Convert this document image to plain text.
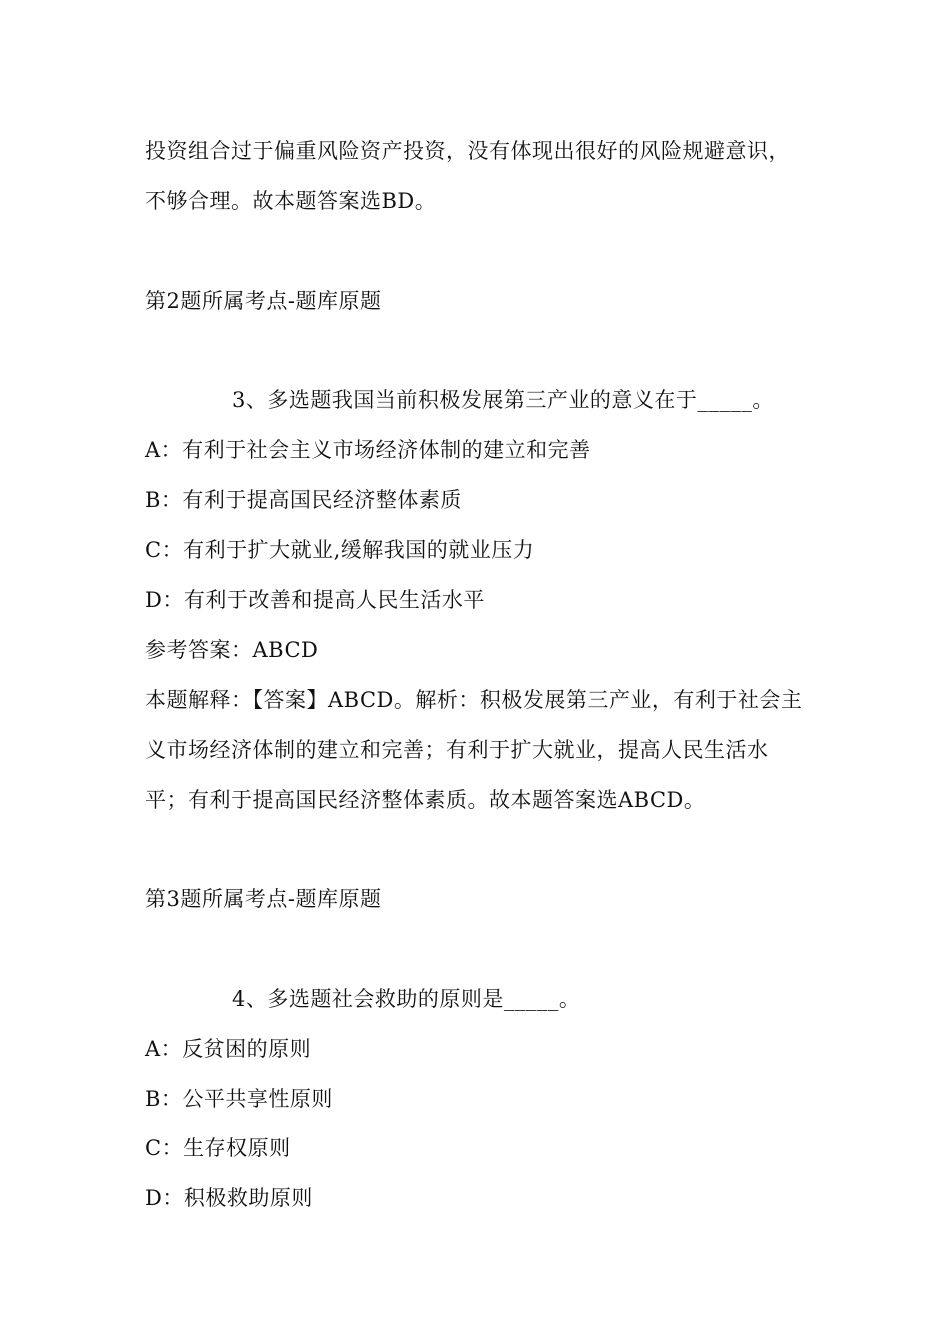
投资组合过于偏重风险资产投资，没有体现出很好的风险规避意识，
不够合理。故本题答案选BD。
第2题所属考点-题库原题
3、多选题我国当前积极发展第三产业的意义在于_____。
A：有利于社会主义市场经济体制的建立和完善
B：有利于提高国民经济整体素质
C：有利于扩大就业,缓解我国的就业压力
D：有利于改善和提高人民生活水平
参考答案：ABCD
本题解释：【答案】ABCD。解析：积极发展第三产业，有利于社会主
义市场经济体制的建立和完善；有利于扩大就业，提高人民生活水
平；有利于提高国民经济整体素质。故本题答案选ABCD。
第3题所属考点-题库原题
4、多选题社会救助的原则是_____。
A：反贫困的原则
B：公平共享性原则
C：生存权原则
D：积极救助原则
